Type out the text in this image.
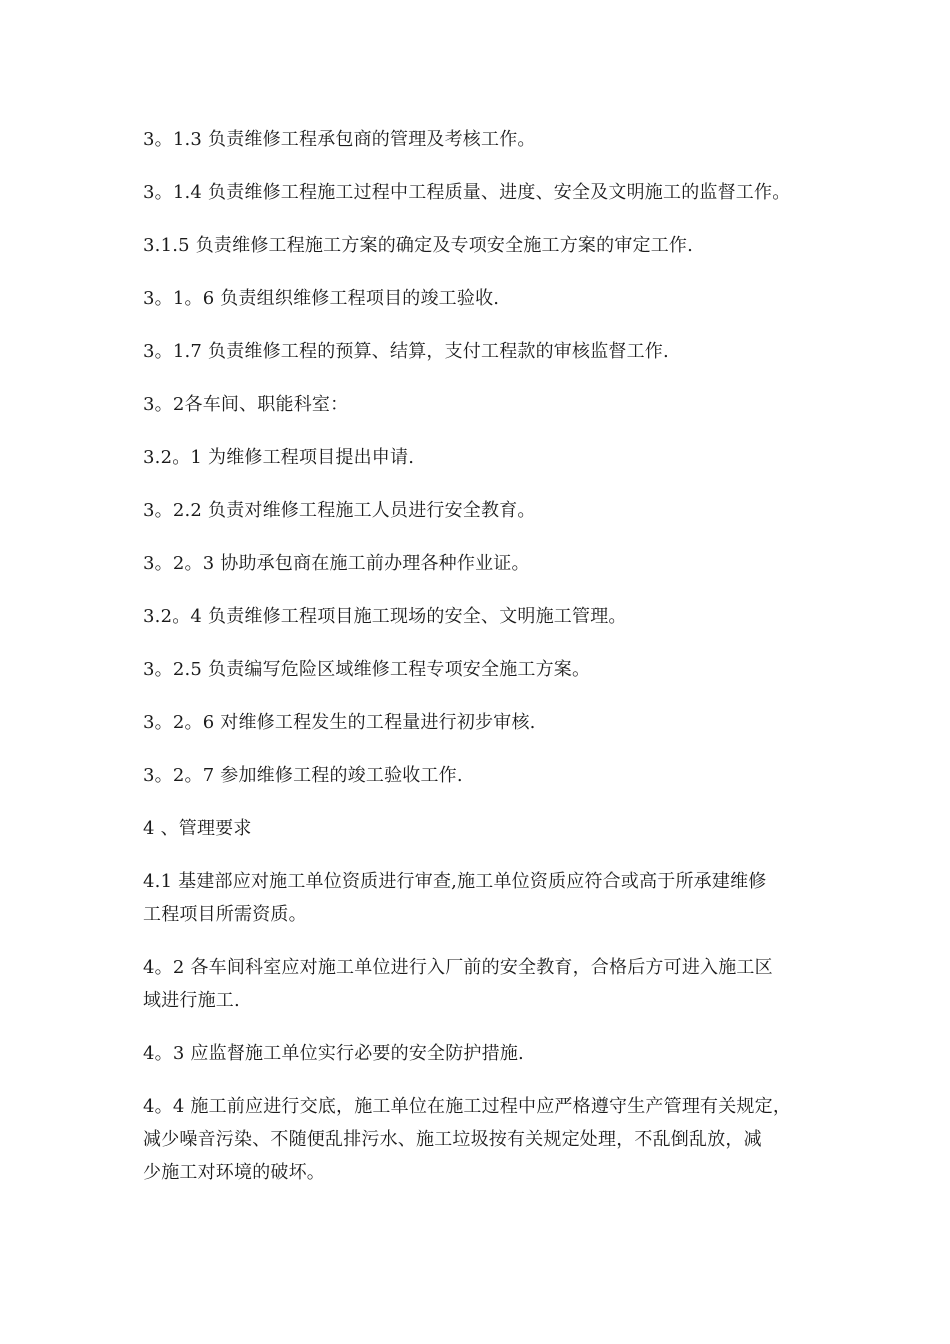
3。1.3 负责维修工程承包商的管理及考核工作。

3。1.4 负责维修工程施工过程中工程质量、进度、安全及文明施工的监督工作。

3.1.5 负责维修工程施工方案的确定及专项安全施工方案的审定工作.

3。1。6 负责组织维修工程项目的竣工验收.

3。1.7 负责维修工程的预算、结算，支付工程款的审核监督工作.

3。2各车间、职能科室：

3.2。1 为维修工程项目提出申请.

3。2.2 负责对维修工程施工人员进行安全教育。

3。2。3 协助承包商在施工前办理各种作业证。

3.2。4 负责维修工程项目施工现场的安全、文明施工管理。

3。2.5 负责编写危险区域维修工程专项安全施工方案。

3。2。6 对维修工程发生的工程量进行初步审核.

3。2。7 参加维修工程的竣工验收工作.

4 、管理要求

4.1 基建部应对施工单位资质进行审查,施工单位资质应符合或高于所承建维修
工程项目所需资质。

4。2 各车间科室应对施工单位进行入厂前的安全教育，合格后方可进入施工区
域进行施工.

4。3 应监督施工单位实行必要的安全防护措施.

4。4 施工前应进行交底，施工单位在施工过程中应严格遵守生产管理有关规定，
减少噪音污染、不随便乱排污水、施工垃圾按有关规定处理，不乱倒乱放，减
少施工对环境的破坏。
